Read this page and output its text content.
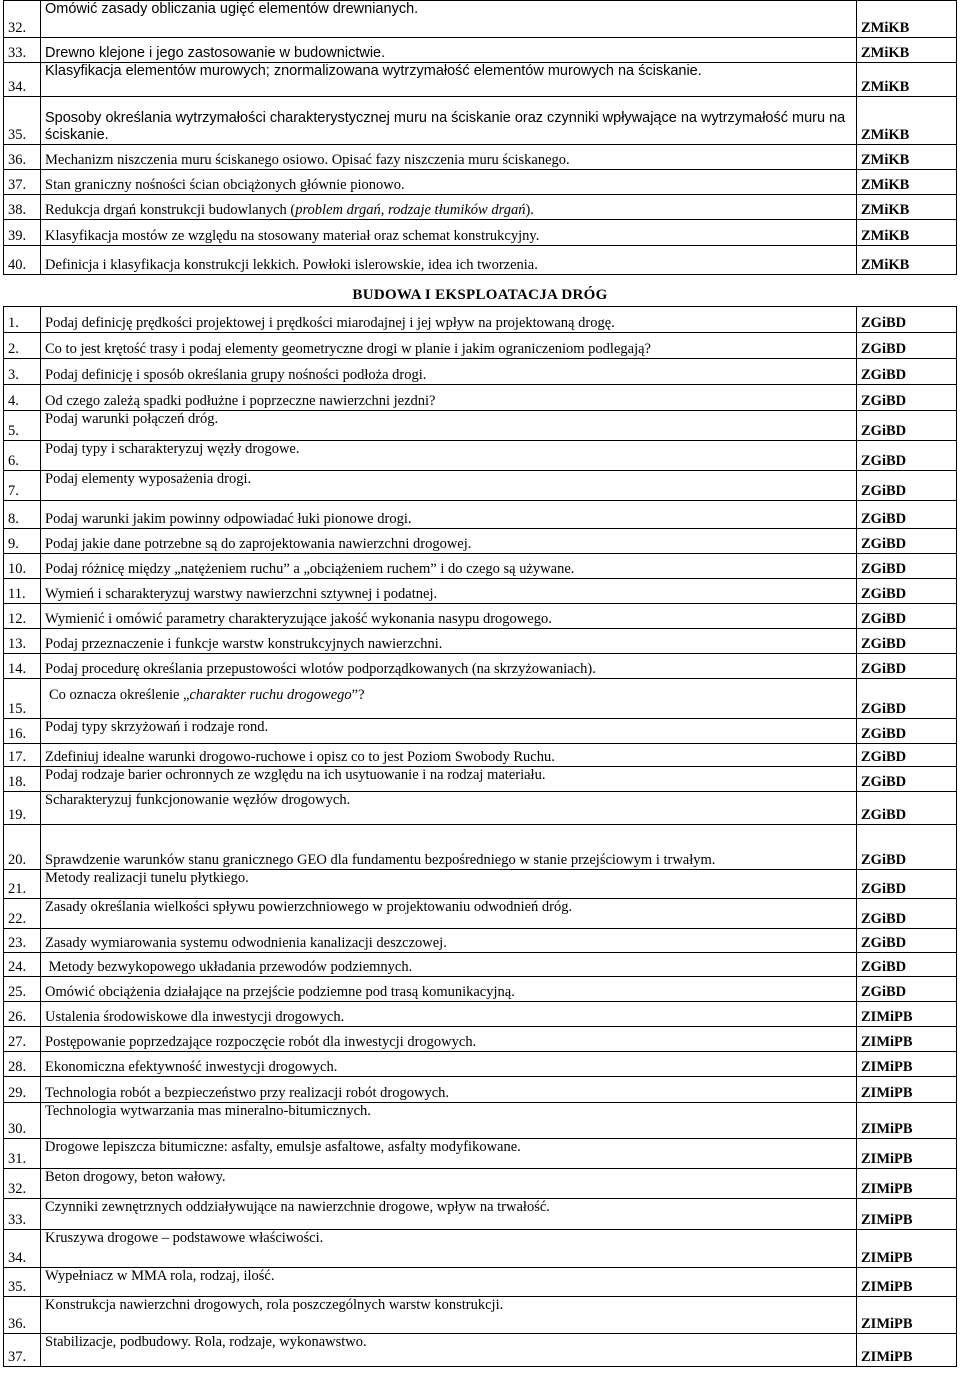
32.	Omówić zasady obliczania ugięć elementów drewnianych.	ZMiKB
33.	Drewno klejone i jego zastosowanie w budownictwie.	ZMiKB
34.	Klasyfikacja elementów murowych; znormalizowana wytrzymałość elementów murowych na ściskanie.	ZMiKB
35.	Sposoby określania wytrzymałości charakterystycznej muru na ściskanie oraz czynniki wpływające na wytrzymałość muru na ściskanie.	ZMiKB
36.	Mechanizm niszczenia muru ściskanego osiowo. Opisać fazy niszczenia muru ściskanego.	ZMiKB
37.	Stan graniczny nośności ścian obciążonych głównie pionowo.	ZMiKB
38.	Redukcja drgań konstrukcji budowlanych (problem drgań, rodzaje tłumików drgań).	ZMiKB
39.	Klasyfikacja mostów ze względu na stosowany materiał oraz schemat konstrukcyjny.	ZMiKB
40.	Definicja i klasyfikacja konstrukcji lekkich. Powłoki islerowskie, idea ich tworzenia.	ZMiKB
BUDOWA I EKSPLOATACJA DRÓG		
1.	Podaj definicję prędkości projektowej i prędkości miarodajnej i jej wpływ na projektowaną drogę.	ZGiBD
2.	Co to jest krętość trasy i podaj elementy geometryczne drogi w planie i jakim ograniczeniom podlegają?	ZGiBD
3.	Podaj definicję i sposób określania grupy nośności podłoża drogi.	ZGiBD
4.	Od czego zależą spadki podłużne i poprzeczne nawierzchni jezdni?	ZGiBD
5.	Podaj warunki połączeń dróg.	ZGiBD
6.	Podaj typy i scharakteryzuj węzły drogowe.	ZGiBD
7.	Podaj elementy wyposażenia drogi.	ZGiBD
8.	Podaj warunki jakim powinny odpowiadać łuki pionowe drogi.	ZGiBD
9.	Podaj jakie dane potrzebne są do zaprojektowania nawierzchni drogowej.	ZGiBD
10.	Podaj różnicę między „natężeniem ruchu” a „obciążeniem ruchem” i do czego są używane.	ZGiBD
11.	Wymień i scharakteryzuj warstwy nawierzchni sztywnej i podatnej.	ZGiBD
12.	Wymienić i omówić parametry charakteryzujące jakość wykonania nasypu drogowego.	ZGiBD
13.	Podaj przeznaczenie i funkcje warstw konstrukcyjnych nawierzchni.	ZGiBD
14.	Podaj procedurę określania przepustowości wlotów podporządkowanych (na skrzyżowaniach).	ZGiBD
15.	Co oznacza określenie „charakter ruchu drogowego”?	ZGiBD
16.	Podaj typy skrzyżowań i rodzaje rond.	ZGiBD
17.	Zdefiniuj idealne warunki drogowo-ruchowe i opisz co to jest Poziom Swobody Ruchu.	ZGiBD
18.	Podaj rodzaje barier ochronnych ze względu na ich usytuowanie i na rodzaj materiału.	ZGiBD
19.	Scharakteryzuj funkcjonowanie węzłów drogowych.	ZGiBD
20.	Sprawdzenie warunków stanu granicznego GEO dla fundamentu bezpośredniego w stanie przejściowym i trwałym.	ZGiBD
21.	Metody realizacji tunelu płytkiego.	ZGiBD
22.	Zasady określania wielkości spływu powierzchniowego w projektowaniu odwodnień dróg.	ZGiBD
23.	Zasady wymiarowania systemu odwodnienia kanalizacji deszczowej.	ZGiBD
24.	Metody bezwykopowego układania przewodów podziemnych.	ZGiBD
25.	Omówić obciążenia działające na przejście podziemne pod trasą komunikacyjną.	ZGiBD
26.	Ustalenia środowiskowe dla inwestycji drogowych.	ZIMiPB
27.	Postępowanie poprzedzające rozpoczęcie robót dla inwestycji drogowych.	ZIMiPB
28.	Ekonomiczna efektywność inwestycji drogowych.	ZIMiPB
29.	Technologia robót a bezpieczeństwo przy realizacji robót drogowych.	ZIMiPB
30.	Technologia wytwarzania mas mineralno-bitumicznych.	ZIMiPB
31.	Drogowe lepiszcza bitumiczne: asfalty, emulsje asfaltowe, asfalty modyfikowane.	ZIMiPB
32.	Beton drogowy, beton wałowy.	ZIMiPB
33.	Czynniki zewnętrznych oddziaływujące na nawierzchnie drogowe, wpływ na trwałość.	ZIMiPB
34.	Kruszywa drogowe – podstawowe właściwości.	ZIMiPB
35.	Wypełniacz w MMA rola, rodzaj, ilość.	ZIMiPB
36.	Konstrukcja nawierzchni drogowych, rola poszczególnych warstw konstrukcji.	ZIMiPB
37.	Stabilizacje, podbudowy. Rola, rodzaje, wykonawstwo.	ZIMiPB
